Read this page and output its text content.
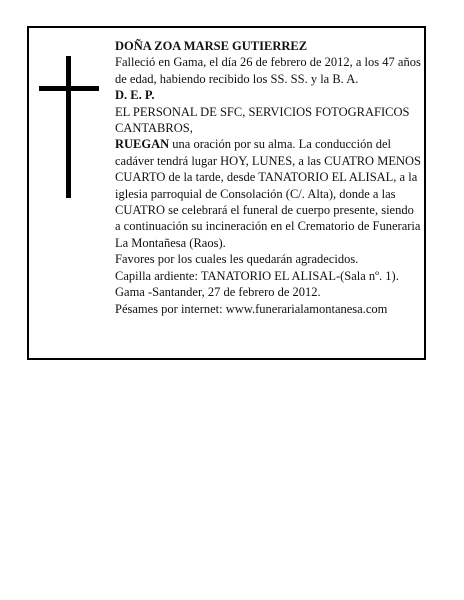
DOÑA ZOA MARSE GUTIERREZ

Falleció en Gama, el día 26 de febrero de 2012, a los 47 años de edad, habiendo recibido los SS. SS. y la B. A.

D. E. P.

EL PERSONAL DE SFC, SERVICIOS FOTOGRAFICOS CANTABROS,

RUEGAN una oración por su alma. La conducción del cadáver tendrá lugar HOY, LUNES, a las CUATRO MENOS CUARTO de la tarde, desde TANATORIO EL ALISAL, a la iglesia parroquial de Consolación (C/. Alta), donde a las CUATRO se celebrará el funeral de cuerpo presente, siendo a continuación su incineración en el Crematorio de Funeraria La Montañesa (Raos).

Favores por los cuales les quedarán agradecidos.

Capilla ardiente: TANATORIO EL ALISAL-(Sala nº. 1).

Gama -Santander, 27 de febrero de 2012.

Pésames por internet: www.funerarialamontanesa.com
